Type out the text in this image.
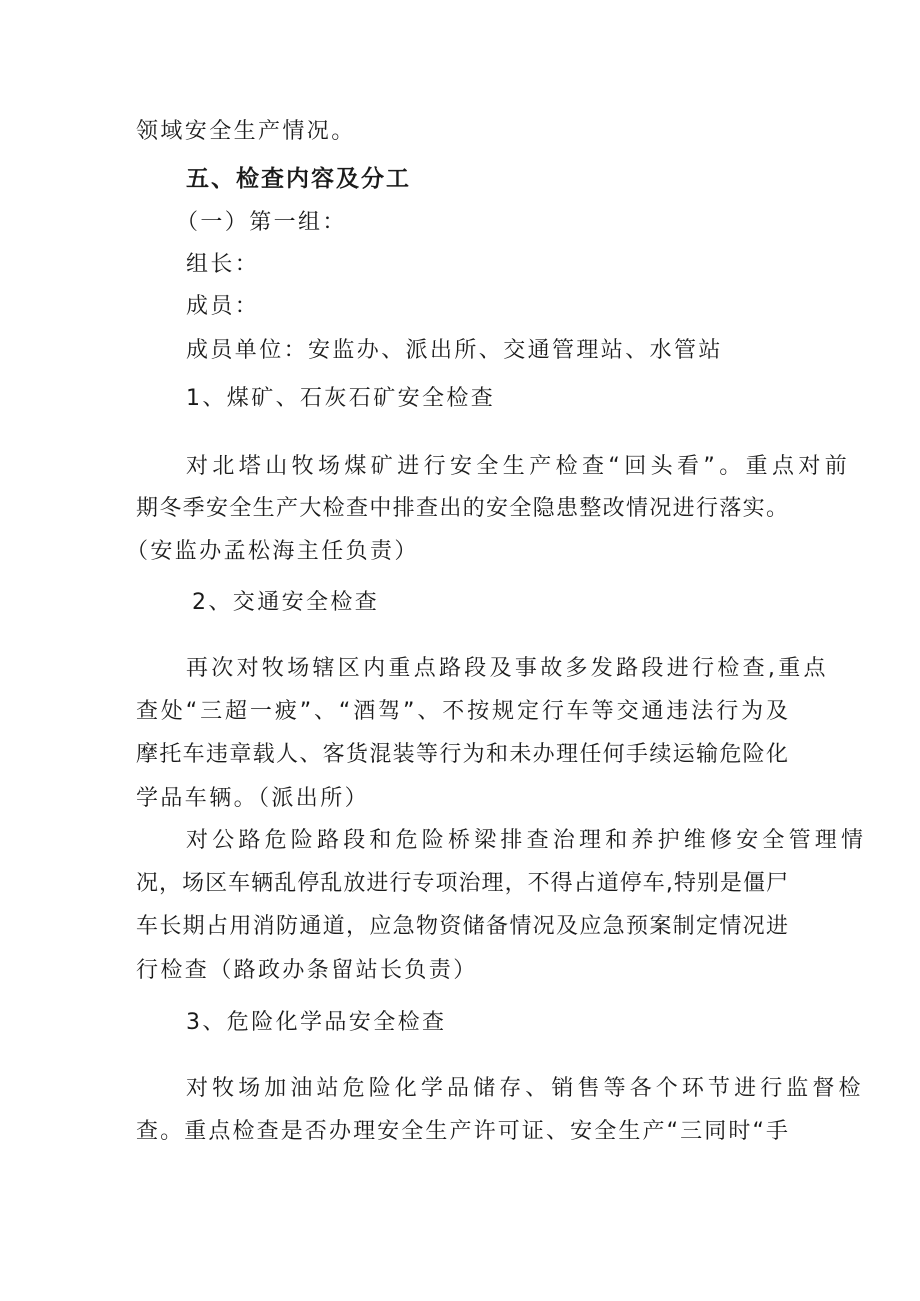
领域安全生产情况。
五、检查内容及分工
（一）第一组：
组长：
成员：
成员单位：安监办、派出所、交通管理站、水管站
1、煤矿、石灰石矿安全检查
对北塔山牧场煤矿进行安全生产检查“回头看”。重点对前
期冬季安全生产大检查中排查出的安全隐患整改情况进行落实。
（安监办孟松海主任负责）
2、交通安全检查
再次对牧场辖区内重点路段及事故多发路段进行检查,重点
查处“三超一疲”、“酒驾”、不按规定行车等交通违法行为及
摩托车违章载人、客货混装等行为和未办理任何手续运输危险化
学品车辆。（派出所）
对公路危险路段和危险桥梁排查治理和养护维修安全管理情
况，场区车辆乱停乱放进行专项治理，不得占道停车,特别是僵尸
车长期占用消防通道，应急物资储备情况及应急预案制定情况进
行检查（路政办条留站长负责）
3、危险化学品安全检查
对牧场加油站危险化学品储存、销售等各个环节进行监督检
查。重点检查是否办理安全生产许可证、安全生产“三同时“手
